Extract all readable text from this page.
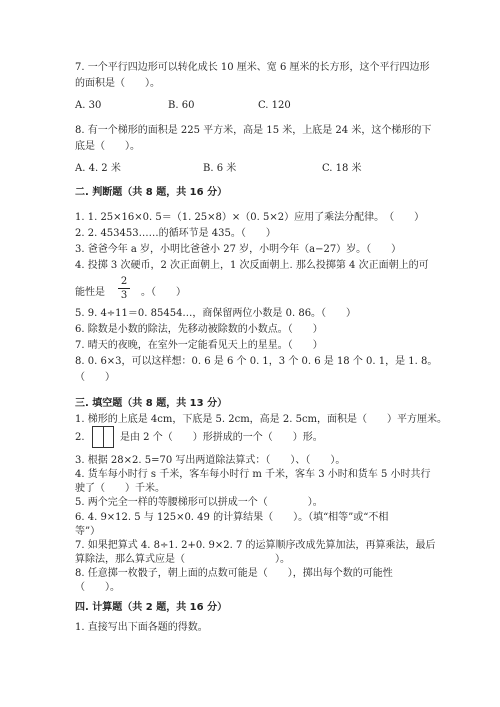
7. 一个平行四边形可以转化成长 10 厘米、宽 6 厘米的长方形，这个平行四边形
的面积是（　　）。
A. 30	B. 60	C. 120
8. 有一个梯形的面积是 225 平方米，高是 15 米，上底是 24 米，这个梯形的下
底是（　　）。
A. 4. 2 米	B. 6 米	C. 18 米
二. 判断题（共 8 题，共 16 分）
1. 1. 25×16×0. 5＝（1. 25×8）×（0. 5×2）应用了乘法分配律。　（　　）
2. 2. 453453……的循环节是 435。（　　）
3. 爸爸今年 a 岁，小明比爸爸小 27 岁，小明今年（a−27）岁。（　　）
4. 投掷 3 次硬币，2 次正面朝上，1 次反面朝上. 那么投掷第 4 次正面朝上的可
能性是
2
3 。（　　）
5. 9. 4÷11＝0. 85454…，商保留两位小数是 0. 86。（　　）
6. 除数是小数的除法，先移动被除数的小数点。（　　）
7. 晴天的夜晚，在室外一定能看见天上的星星。（　　）
8. 0. 6×3，可以这样想：0. 6 是 6 个 0. 1，3 个 0. 6 是 18 个 0. 1，是 1. 8。
（　　）
三. 填空题（共 8 题，共 13 分）
1. 梯形的上底是 4cm，下底是 5. 2cm，高是 2. 5cm，面积是（　　）平方厘米。
2.	是由 2 个（　　）形拼成的一个（　　）形。
3. 根据 28×2. 5=70 写出两道除法算式：（　　）、（　　）。
4. 货车每小时行 s 千米，客车每小时行 m 千米，客车 3 小时和货车 5 小时共行
驶了（　　）千米。
5. 两个完全一样的等腰梯形可以拼成一个（　　　　）。
6. 4. 9×12. 5 与 125×0. 49 的计算结果（　　）。（填“相等”或“不相
等”）
7. 如果把算式 4. 8÷1. 2+0. 9×2. 7 的运算顺序改成先算加法，再算乘法，最后
算除法，那么算式应是（　　　　　　　　　）。
8. 任意掷一枚骰子，朝上面的点数可能是（　　），掷出每个数的可能性
（　　）。
四. 计算题（共 2 题，共 16 分）
1. 直接写出下面各题的得数。
